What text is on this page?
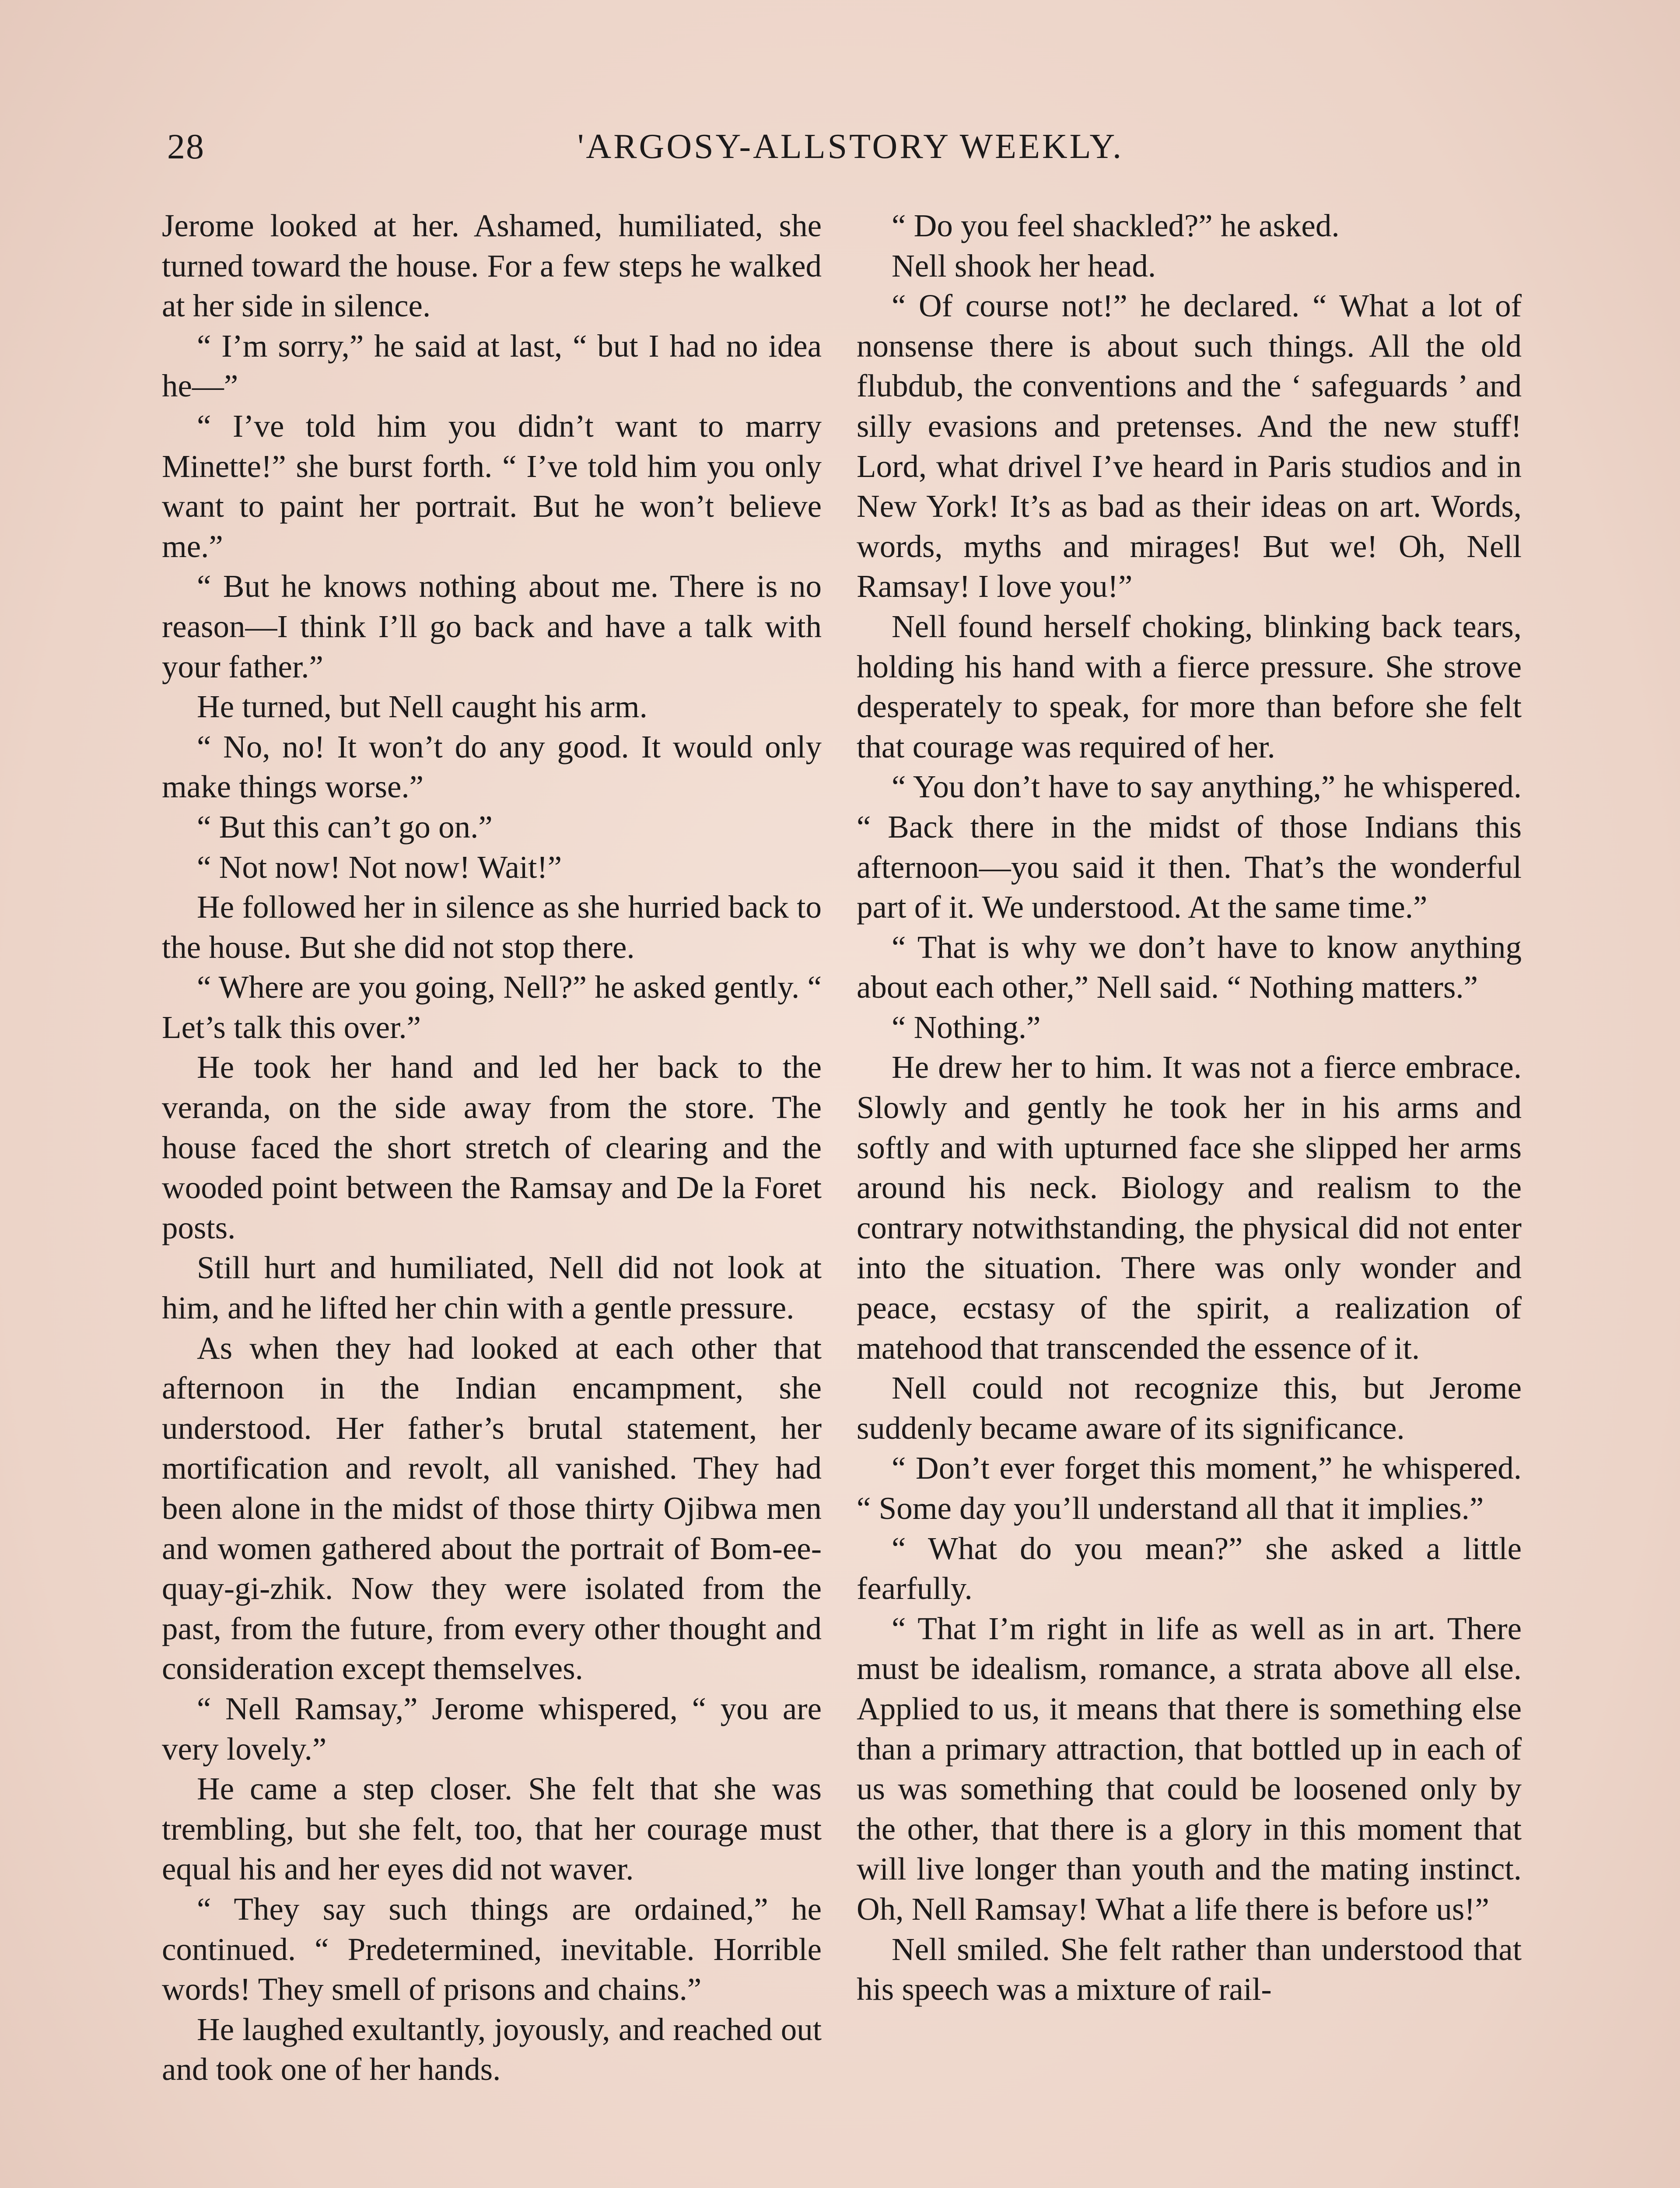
28	'ARGOSY-ALLSTORY WEEKLY.

Jerome looked at her. Ashamed, humiliated, she turned toward the house. For a few steps he walked at her side in silence.

“ I’m sorry,” he said at last, “ but I had no idea he—”

“ I’ve told him you didn’t want to marry Minette!” she burst forth. “ I’ve told him you only want to paint her portrait. But he won’t believe me.”

“ But he knows nothing about me. There is no reason—I think I’ll go back and have a talk with your father.”

He turned, but Nell caught his arm.

“ No, no! It won’t do any good. It would only make things worse.”

“ But this can’t go on.”

“ Not now! Not now! Wait!”

He followed her in silence as she hurried back to the house. But she did not stop there.

“ Where are you going, Nell?” he asked gently. “ Let’s talk this over.”

He took her hand and led her back to the veranda, on the side away from the store. The house faced the short stretch of clearing and the wooded point between the Ramsay and De la Foret posts.

Still hurt and humiliated, Nell did not look at him, and he lifted her chin with a gentle pressure.

As when they had looked at each other that afternoon in the Indian encampment, she understood. Her father’s brutal statement, her mortification and revolt, all vanished. They had been alone in the midst of those thirty Ojibwa men and women gathered about the portrait of Bom-ee-quay-gi-zhik. Now they were isolated from the past, from the future, from every other thought and consideration except themselves.

“ Nell Ramsay,” Jerome whispered, “ you are very lovely.”

He came a step closer. She felt that she was trembling, but she felt, too, that her courage must equal his and her eyes did not waver.

“ They say such things are ordained,” he continued. “ Predetermined, inevitable. Horrible words! They smell of prisons and chains.”

He laughed exultantly, joyously, and reached out and took one of her hands.

“ Do you feel shackled?” he asked.

Nell shook her head.

“ Of course not!” he declared. “ What a lot of nonsense there is about such things. All the old flubdub, the conventions and the ‘ safeguards ’ and silly evasions and pretenses. And the new stuff! Lord, what drivel I’ve heard in Paris studios and in New York! It’s as bad as their ideas on art. Words, words, myths and mirages! But we! Oh, Nell Ramsay! I love you!”

Nell found herself choking, blinking back tears, holding his hand with a fierce pressure. She strove desperately to speak, for more than before she felt that courage was required of her.

“ You don’t have to say anything,” he whispered. “ Back there in the midst of those Indians this afternoon—you said it then. That’s the wonderful part of it. We understood. At the same time.”

“ That is why we don’t have to know anything about each other,” Nell said. “ Nothing matters.”

“ Nothing.”

He drew her to him. It was not a fierce embrace. Slowly and gently he took her in his arms and softly and with upturned face she slipped her arms around his neck. Biology and realism to the contrary notwithstanding, the physical did not enter into the situation. There was only wonder and peace, ecstasy of the spirit, a realization of matehood that transcended the essence of it.

Nell could not recognize this, but Jerome suddenly became aware of its significance.

“ Don’t ever forget this moment,” he whispered. “ Some day you’ll understand all that it implies.”

“ What do you mean?” she asked a little fearfully.

“ That I’m right in life as well as in art. There must be idealism, romance, a strata above all else. Applied to us, it means that there is something else than a primary attraction, that bottled up in each of us was something that could be loosened only by the other, that there is a glory in this moment that will live longer than youth and the mating instinct. Oh, Nell Ramsay! What a life there is before us!”

Nell smiled. She felt rather than understood that his speech was a mixture of rail-
